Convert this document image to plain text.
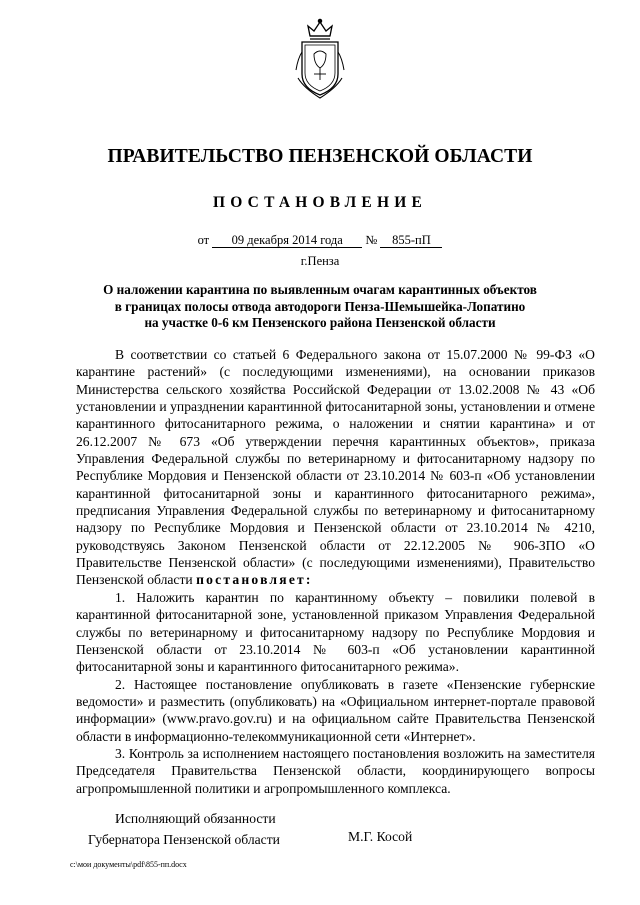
ПРАВИТЕЛЬСТВО ПЕНЗЕНСКОЙ ОБЛАСТИ
ПОСТАНОВЛЕНИЕ
от 09 декабря 2014 года № 855-пП
г.Пенза
О наложении карантина по выявленным очагам карантинных объектов
в границах полосы отвода автодороги Пенза-Шемышейка-Лопатино
на участке 0-6 км Пензенского района Пензенской области

В соответствии со статьей 6 Федерального закона от 15.07.2000 № 99-ФЗ «О карантине растений» (с последующими изменениями), на основании приказов Министерства сельского хозяйства Российской Федерации от 13.02.2008 № 43 «Об установлении и упразднении карантинной фитосанитарной зоны, установлении и отмене карантинного фитосанитарного режима, о наложении и снятии карантина» и от 26.12.2007 № 673 «Об утверждении перечня карантинных объектов», приказа Управления Федеральной службы по ветеринарному и фитосанитарному надзору по Республике Мордовия и Пензенской области от 23.10.2014 № 603-п «Об установлении карантинной фитосанитарной зоны и карантинного фитосанитарного режима», предписания Управления Федеральной службы по ветеринарному и фитосанитарному надзору по Республике Мордовия и Пензенской области от 23.10.2014 № 4210, руководствуясь Законом Пензенской области от 22.12.2005 № 906-ЗПО «О Правительстве Пензенской области» (с последующими изменениями), Правительство Пензенской области постановляет:

1. Наложить карантин по карантинному объекту – повилики полевой в карантинной фитосанитарной зоне, установленной приказом Управления Федеральной службы по ветеринарному и фитосанитарному надзору по Республике Мордовия и Пензенской области от 23.10.2014 № 603-п «Об установлении карантинной фитосанитарной зоны и карантинного фитосанитарного режима».

2. Настоящее постановление опубликовать в газете «Пензенские губернские ведомости» и разместить (опубликовать) на «Официальном интернет-портале правовой информации» (www.pravo.gov.ru) и на официальном сайте Правительства Пензенской области в информационно-телекоммуникационной сети «Интернет».

3. Контроль за исполнением настоящего постановления возложить на заместителя Председателя Правительства Пензенской области, координирующего вопросы агропромышленной политики и агропромышленного комплекса.

Исполняющий обязанности
Губернатора Пензенской области	М.Г. Косой
c:\мои документы\pdf\855-пп.docx
